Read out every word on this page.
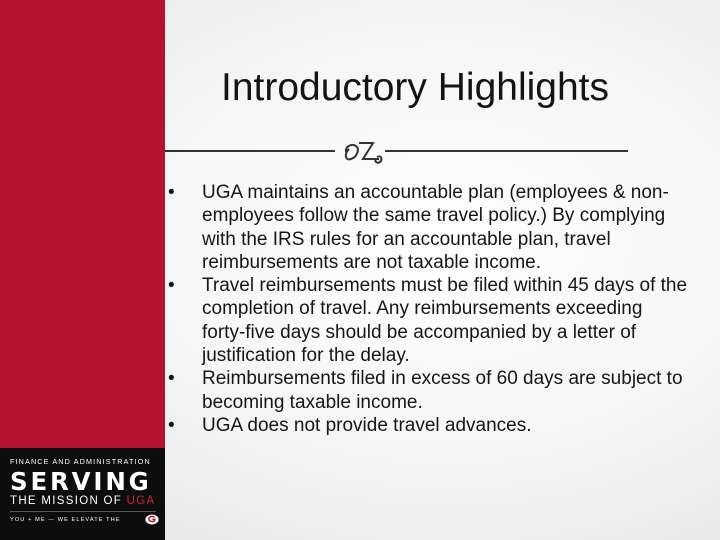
FINANCE AND ADMINISTRATION
SERVING
THE MISSION OF UGA
YOU + ME — WE ELEVATE THE
Introductory Highlights
•	UGA maintains an accountable plan (employees & non-employees follow the same travel policy.) By complying with the IRS rules for an accountable plan, travel reimbursements are not taxable income.
•	Travel reimbursements must be filed within 45 days of the completion of travel. Any reimbursements exceeding forty-five days should be accompanied by a letter of justification for the delay.
•	Reimbursements filed in excess of 60 days are subject to becoming taxable income.
•	UGA does not provide travel advances.
